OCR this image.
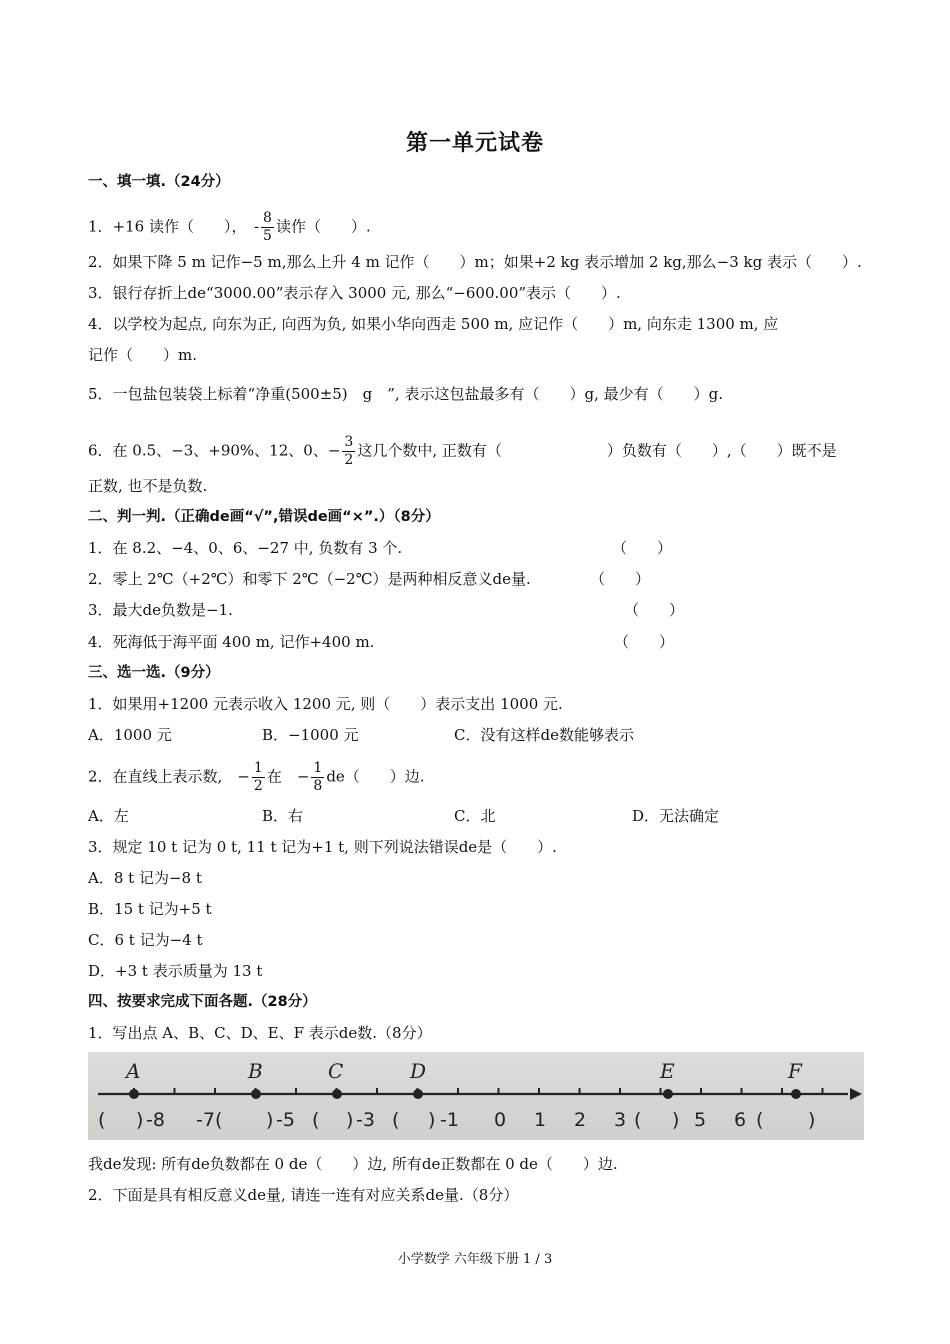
第一单元试卷
一、填一填.（24分）
1．+16 读作（　　），　- $\frac{8}{5}$ 读作（　　）.
2．如果下降 5 m 记作−5 m,那么上升 4 m 记作（　　）m；如果+2 kg 表示增加 2 kg,那么−3 kg 表示（　　）.
3．银行存折上de“3000.00”表示存入 3000 元, 那么“−600.00”表示（　　）.
4．以学校为起点, 向东为正, 向西为负, 如果小华向西走 500 m, 应记作（　　）m, 向东走 1300 m, 应
记作（　　）m.
5．一包盐包装袋上标着“净重(500±5)　g　”, 表示这包盐最多有（　　）g, 最少有（　　）g.
6．在 0.5、−3、+90%、12、0、− $\frac{3}{2}$ 这几个数中, 正数有（　　　　　　　）负数有（　　）,（　　）既不是
正数, 也不是负数.
二、判一判.（正确de画“√”,错误de画“×”.）（8分）
1．在 8.2、−4、0、6、−27 中, 负数有 3 个.	（　　）
2．零上 2℃（+2℃）和零下 2℃（−2℃）是两种相反意义de量.	（　　）
3．最大de负数是−1.	（　　）
4．死海低于海平面 400 m, 记作+400 m.	（　　）
三、选一选.（9分）
1．如果用+1200 元表示收入 1200 元, 则（　　）表示支出 1000 元.
A．1000 元	B．−1000 元	C．没有这样de数能够表示
2．在直线上表示数,　− $\frac{1}{2}$ 在　− $\frac{1}{8} de$（　　）边.
A．左	B．右	C．北	D．无法确定
3．规定 10 t 记为 0 t, 11 t 记为+1 t, 则下列说法错误de是（　　）.
A．8 t 记为−8 t
B．15 t 记为+5 t
C．6 t 记为−4 t
D．+3 t 表示质量为 13 t
四、按要求完成下面各题.（28分）
1．写出点 A、B、C、D、E、F 表示de数.（8分）
A	B	C	D	E	F
( ) -8 -7( ) -5 ( ) -3 ( ) -1 0 1 2 3 ( ) 5 6 ( )
我de发现: 所有de负数都在 0 de（　　）边, 所有de正数都在 0 de（　　）边.
2．下面是具有相反意义de量, 请连一连有对应关系de量.（8分）
小学数学 六年级下册 1 / 3
